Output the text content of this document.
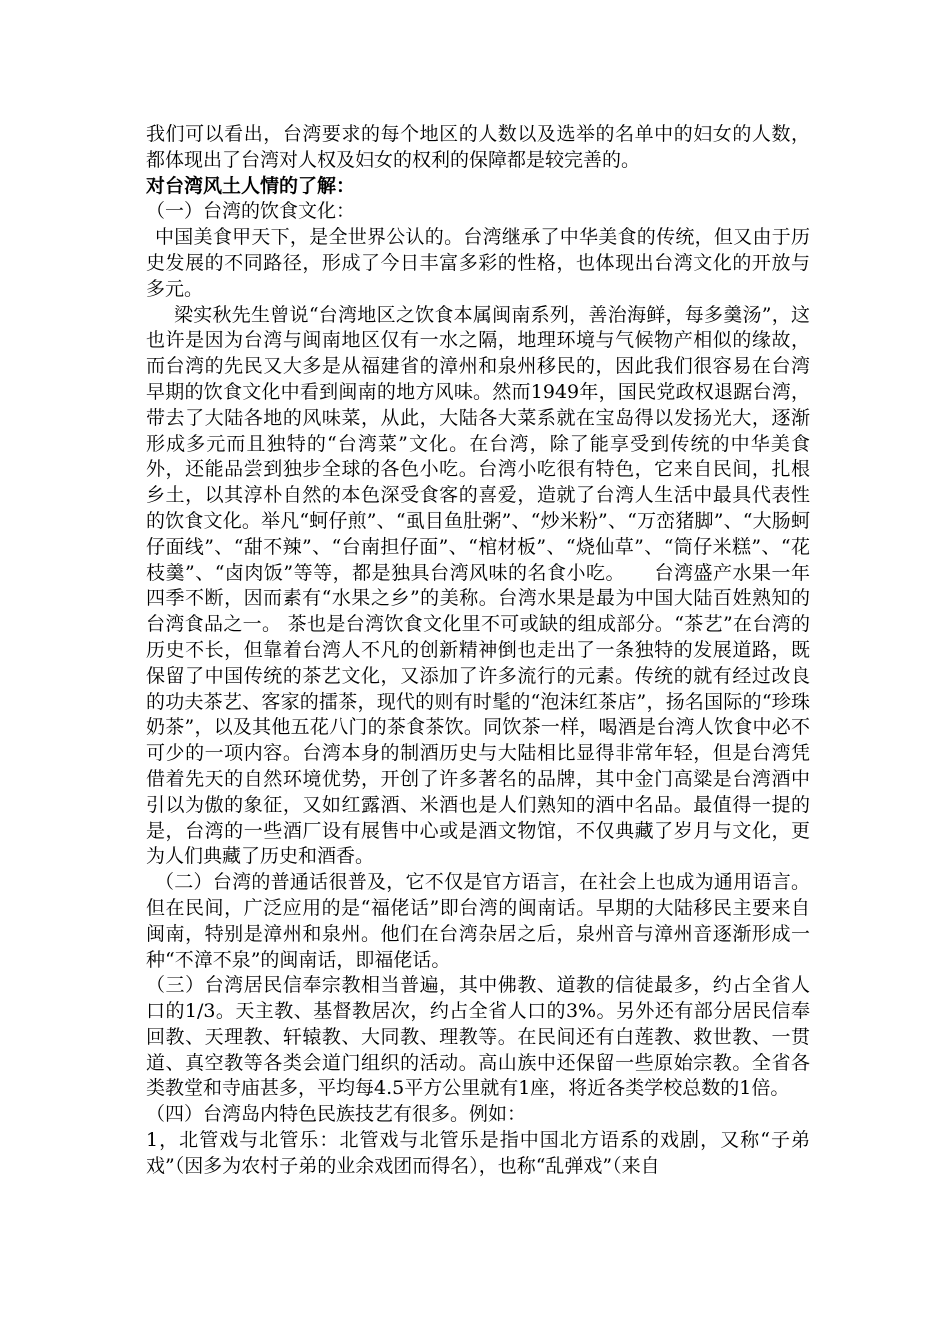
我们可以看出，台湾要求的每个地区的人数以及选举的名单中的妇女的人数，都体现出了台湾对人权及妇女的权利的保障都是较完善的。

对台湾风土人情的了解：

（一）台湾的饮食文化：

中国美食甲天下，是全世界公认的。台湾继承了中华美食的传统，但又由于历史发展的不同路径，形成了今日丰富多彩的性格，也体现出台湾文化的开放与多元。

梁实秋先生曾说“台湾地区之饮食本属闽南系列，善治海鲜，每多羹汤”，这也许是因为台湾与闽南地区仅有一水之隔，地理环境与气候物产相似的缘故，而台湾的先民又大多是从福建省的漳州和泉州移民的，因此我们很容易在台湾早期的饮食文化中看到闽南的地方风味。然而1949年，国民党政权退踞台湾，带去了大陆各地的风味菜，从此，大陆各大菜系就在宝岛得以发扬光大，逐渐形成多元而且独特的“台湾菜”文化。在台湾，除了能享受到传统的中华美食外，还能品尝到独步全球的各色小吃。台湾小吃很有特色，它来自民间，扎根乡土，以其淳朴自然的本色深受食客的喜爱，造就了台湾人生活中最具代表性的饮食文化。举凡“蚵仔煎”、“虱目鱼肚粥”、“炒米粉”、“万峦猪脚”、“大肠蚵仔面线”、“甜不辣”、“台南担仔面”、“棺材板”、“烧仙草”、“筒仔米糕”、“花枝羹”、“卤肉饭”等等，都是独具台湾风味的名食小吃。　　台湾盛产水果一年四季不断，因而素有“水果之乡”的美称。台湾水果是最为中国大陆百姓熟知的台湾食品之一。 茶也是台湾饮食文化里不可或缺的组成部分。“茶艺”在台湾的历史不长，但靠着台湾人不凡的创新精神倒也走出了一条独特的发展道路，既保留了中国传统的茶艺文化，又添加了许多流行的元素。传统的就有经过改良的功夫茶艺、客家的擂茶，现代的则有时髦的“泡沫红茶店”，扬名国际的“珍珠奶茶”，以及其他五花八门的茶食茶饮。同饮茶一样，喝酒是台湾人饮食中必不可少的一项内容。台湾本身的制酒历史与大陆相比显得非常年轻，但是台湾凭借着先天的自然环境优势，开创了许多著名的品牌，其中金门高粱是台湾酒中引以为傲的象征，又如红露酒、米酒也是人们熟知的酒中名品。最值得一提的是，台湾的一些酒厂设有展售中心或是酒文物馆，不仅典藏了岁月与文化，更为人们典藏了历史和酒香。

（二）台湾的普通话很普及，它不仅是官方语言，在社会上也成为通用语言。但在民间，广泛应用的是“福佬话”即台湾的闽南话。早期的大陆移民主要来自闽南，特别是漳州和泉州。他们在台湾杂居之后，泉州音与漳州音逐渐形成一种“不漳不泉”的闽南话，即福佬话。

（三）台湾居民信奉宗教相当普遍，其中佛教、道教的信徒最多，约占全省人口的1/3。天主教、基督教居次，约占全省人口的3%。另外还有部分居民信奉回教、天理教、轩辕教、大同教、理教等。在民间还有白莲教、救世教、一贯道、真空教等各类会道门组织的活动。高山族中还保留一些原始宗教。全省各类教堂和寺庙甚多，平均每4.5平方公里就有1座，将近各类学校总数的1倍。

（四）台湾岛内特色民族技艺有很多。例如：

1，北管戏与北管乐：北管戏与北管乐是指中国北方语系的戏剧，又称“子弟戏”（因多为农村子弟的业余戏团而得名），也称“乱弹戏”（来自
